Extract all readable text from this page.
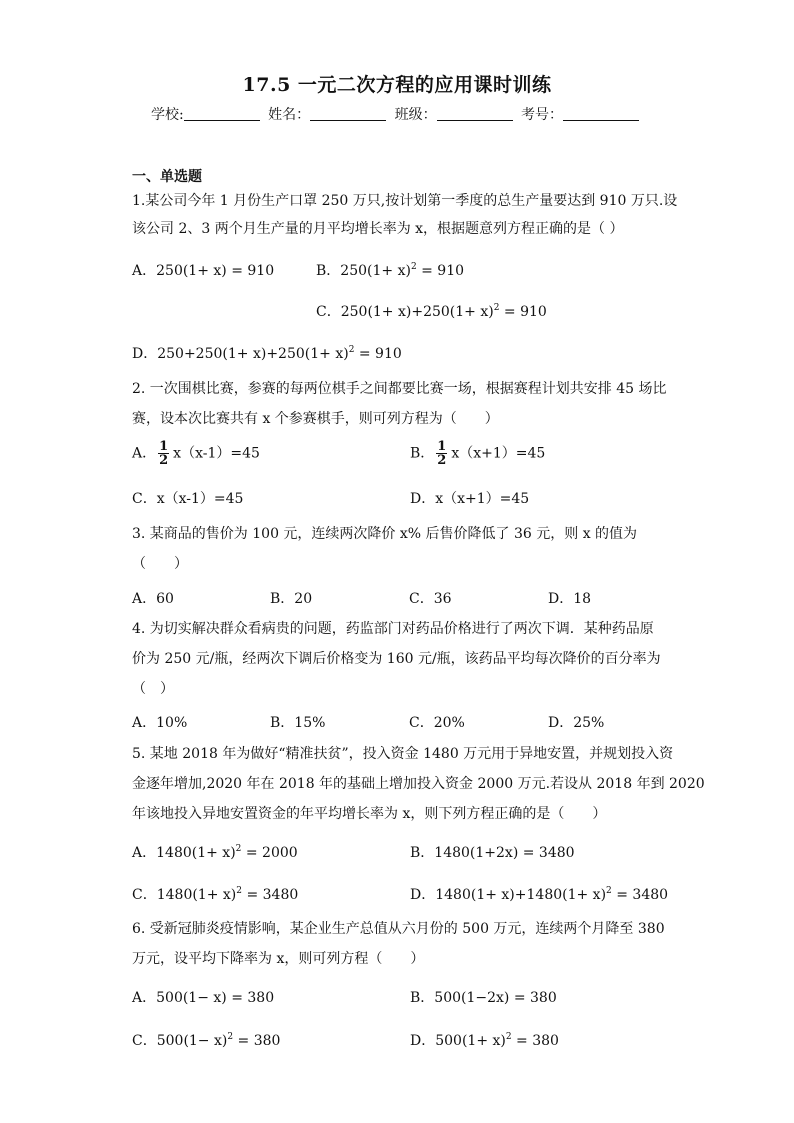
17.5 一元二次方程的应用课时训练
学校:	姓名：	班级：	考号：
一、单选题
1.某公司今年 1 月份生产口罩 250 万只,按计划第一季度的总生产量要达到 910 万只.设
该公司 2、3 两个月生产量的月平均增长率为 x，根据题意列方程正确的是（ ）
A．250(1+ x) = 910	B．$250(1+ x)^2 = 910$
C．$250(1+ x)+250(1+ x)^2 = 910$
D．$250+250(1+ x)+250(1+ x)^2 = 910$
2. 一次围棋比赛，参赛的每两位棋手之间都要比赛一场，根据赛程计划共安排 45 场比
赛，设本次比赛共有 x 个参赛棋手，则可列方程为（　　）
A． $\frac{1}{2} x(x-1)=45$	B． $\frac{1}{2} x(x+1)=45$
C．x（x-1）=45	D．x（x+1）=45
3. 某商品的售价为 100 元，连续两次降价 x% 后售价降低了 36 元，则 x 的值为
（　　）
A．60	B．20	C．36	D．18
4. 为切实解决群众看病贵的问题，药监部门对药品价格进行了两次下调．某种药品原
价为 250 元/瓶，经两次下调后价格变为 160 元/瓶，该药品平均每次降价的百分率为
（　）
A．10%	B．15%	C．20%	D．25%
5. 某地 2018 年为做好“精准扶贫”，投入资金 1480 万元用于异地安置，并规划投入资
金逐年增加,2020 年在 2018 年的基础上增加投入资金 2000 万元.若设从 2018 年到 2020
年该地投入异地安置资金的年平均增长率为 x，则下列方程正确的是（　　）
A．$1480(1+ x)^2 = 2000$	B．1480(1+2x) = 3480
C．$1480(1+ x)^2 = 3480$	D．$1480(1+ x)+1480(1+ x)^2 = 3480$
6. 受新冠肺炎疫情影响，某企业生产总值从六月份的 500 万元，连续两个月降至 380
万元，设平均下降率为 x，则可列方程（　　）
A．500(1− x) = 380	B．500(1−2x) = 380
C．$500(1- x)^2 = 380$	D．$500(1+ x)^2 = 380$
